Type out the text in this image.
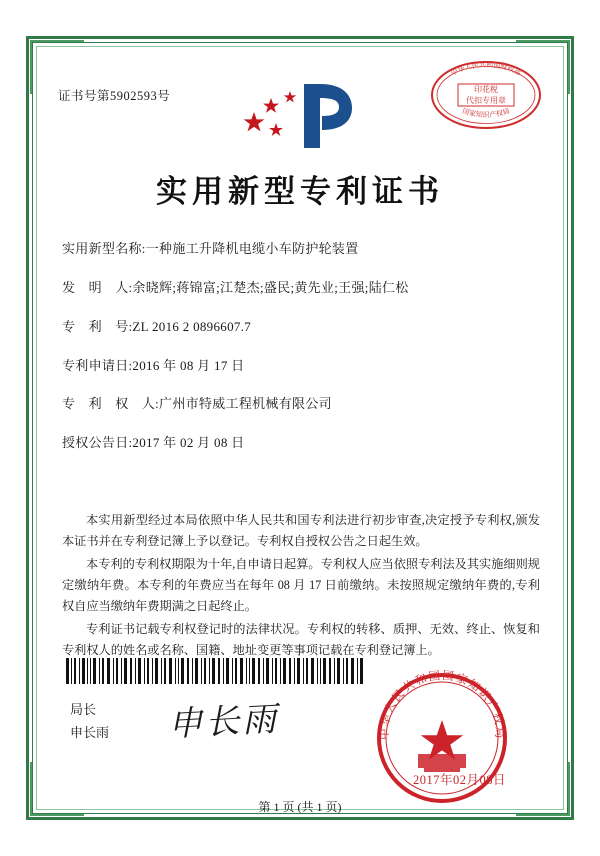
证书号第5902593号	印花税
代扣专用章
中华人民共和国财政部
国家知识产权局
实用新型专利证书
实用新型名称:一种施工升降机电缆小车防护轮装置
发　明　人:余晓辉;蒋锦富;江楚杰;盛民;黄先业;王强;陆仁松
专　利　号:ZL 2016 2 0896607.7
专利申请日:2016 年 08 月 17 日
专　利　权　人:广州市特威工程机械有限公司
授权公告日:2017 年 02 月 08 日

本实用新型经过本局依照中华人民共和国专利法进行初步审查,决定授予专利权,颁发本证书并在专利登记簿上予以登记。专利权自授权公告之日起生效。

本专利的专利权期限为十年,自申请日起算。专利权人应当依照专利法及其实施细则规定缴纳年费。本专利的年费应当在每年 08 月 17 日前缴纳。未按照规定缴纳年费的,专利权自应当缴纳年费期满之日起终止。

专利证书记载专利权登记时的法律状况。专利权的转移、质押、无效、终止、恢复和专利权人的姓名或名称、国籍、地址变更等事项记载在专利登记簿上。

局长
申长雨 申长雨	中华人民共和国国家知识产权局
2017年02月08日
第 1 页 (共 1 页)
